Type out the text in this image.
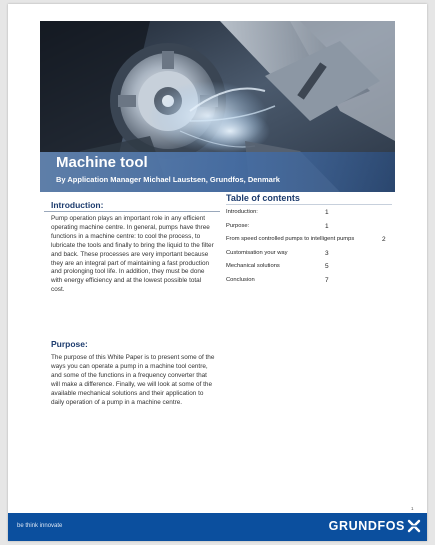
Machine tool
By Application Manager Michael Laustsen, Grundfos, Denmark
Table of contents
Introduction:	1
Purpose:	1
From speed controlled pumps to intelligent pumps	2
Customisation your way	3
Mechanical solutions	5
Conclusion	7
Introduction:

Pump operation plays an important role in any efficient operating machine centre. In general, pumps have three functions in a machine centre: to cool the process, to lubricate the tools and finally to bring the liquid to the filter and back. These processes are very important because they are an integral part of maintaining a fast production and prolonging tool life. In addition, they must be done with energy efficiency and at the lowest possible total cost.

Purpose:

The purpose of this White Paper is to present some of the ways you can operate a pump in a machine tool centre, and some of the functions in a frequency converter that will make a difference. Finally, we will look at some of the available mechanical solutions and their application to daily operation of a pump in a machine centre.

1
be think innovate	GRUNDFOS
